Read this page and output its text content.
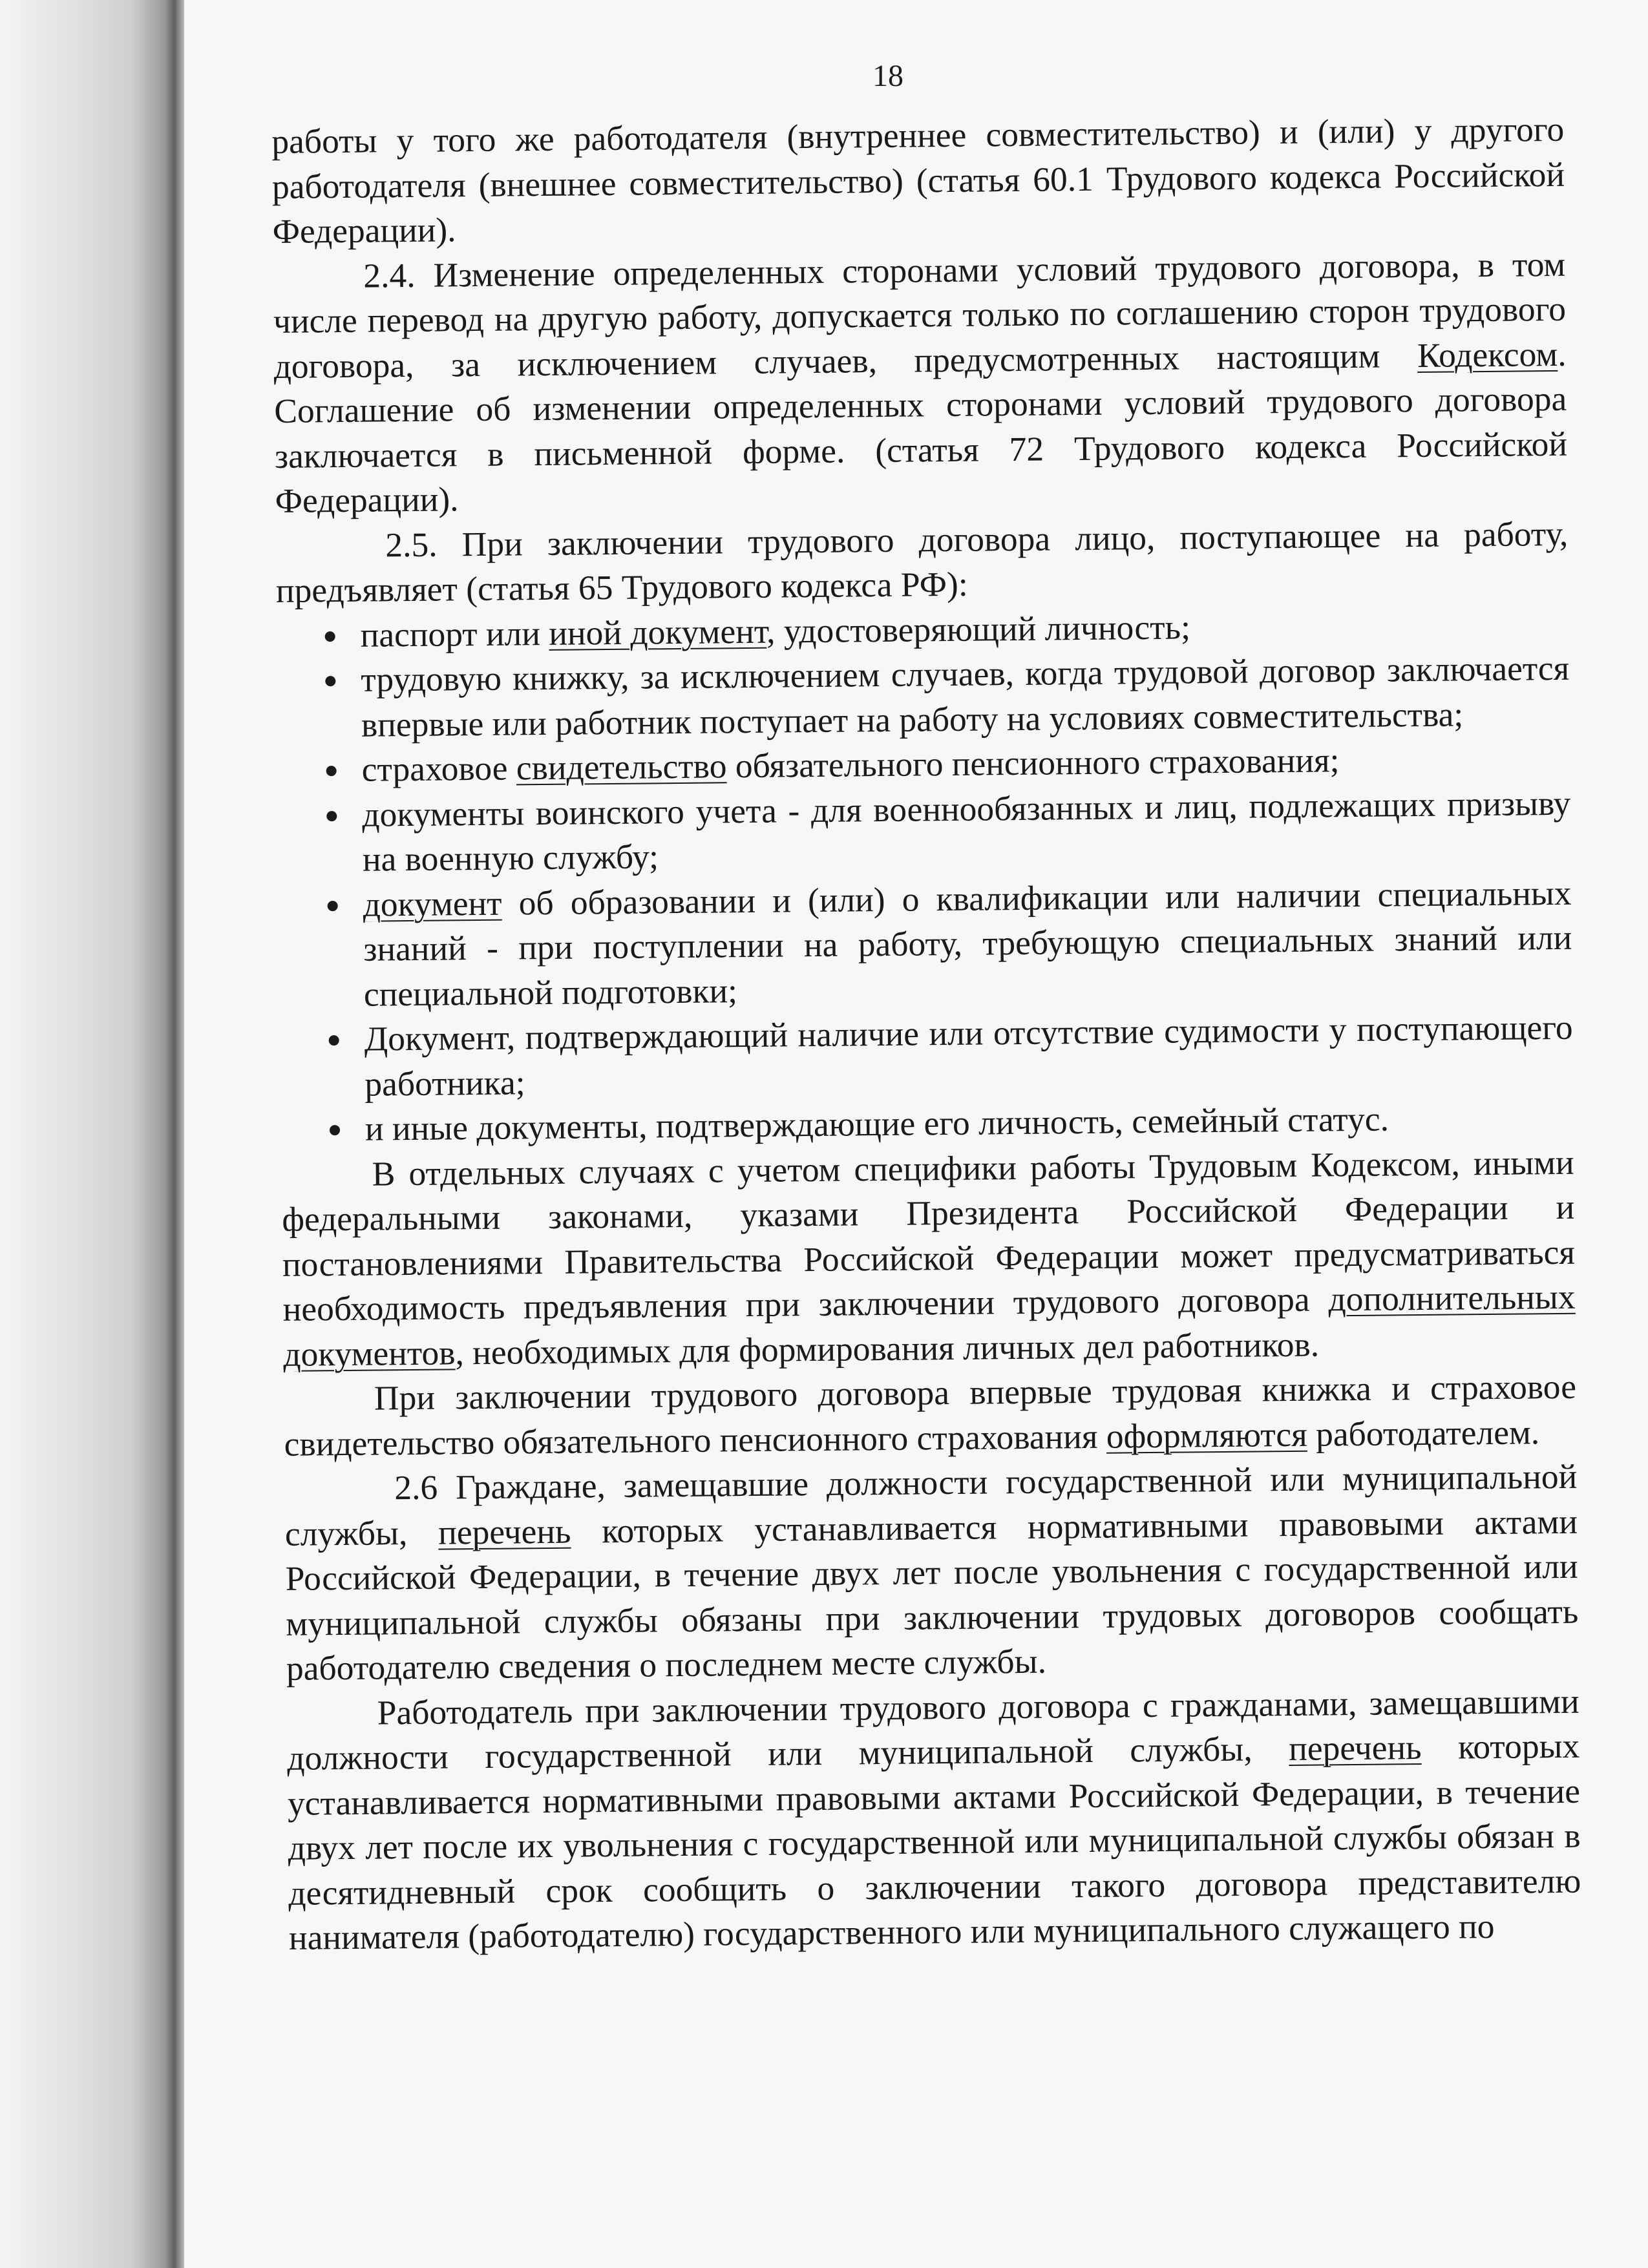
18

работы у того же работодателя (внутреннее совместительство) и (или) у другого работодателя (внешнее совместительство) (статья 60.1 Трудового кодекса Российской Федерации).

2.4. Изменение определенных сторонами условий трудового договора, в том числе перевод на другую работу, допускается только по соглашению сторон трудового договора, за исключением случаев, предусмотренных настоящим Кодексом. Соглашение об изменении определенных сторонами условий трудового договора заключается в письменной форме. (статья 72 Трудового кодекса Российской Федерации).

2.5. При заключении трудового договора лицо, поступающее на работу, предъявляет (статья 65 Трудового кодекса РФ):

паспорт или иной документ, удостоверяющий личность;
трудовую книжку, за исключением случаев, когда трудовой договор заключается впервые или работник поступает на работу на условиях совместительства;
страховое свидетельство обязательного пенсионного страхования;
документы воинского учета - для военнообязанных и лиц, подлежащих призыву на военную службу;
документ об образовании и (или) о квалификации или наличии специальных знаний - при поступлении на работу, требующую специальных знаний или специальной подготовки;
Документ, подтверждающий наличие или отсутствие судимости у поступающего работника;
и иные документы, подтверждающие его личность, семейный статус.

В отдельных случаях с учетом специфики работы Трудовым Кодексом, иными федеральными законами, указами Президента Российской Федерации и постановлениями Правительства Российской Федерации может предусматриваться необходимость предъявления при заключении трудового договора дополнительных документов, необходимых для формирования личных дел работников.

При заключении трудового договора впервые трудовая книжка и страховое свидетельство обязательного пенсионного страхования оформляются работодателем.

2.6 Граждане, замещавшие должности государственной или муниципальной службы, перечень которых устанавливается нормативными правовыми актами Российской Федерации, в течение двух лет после увольнения с государственной или муниципальной службы обязаны при заключении трудовых договоров сообщать работодателю сведения о последнем месте службы.

Работодатель при заключении трудового договора с гражданами, замещавшими должности государственной или муниципальной службы, перечень которых устанавливается нормативными правовыми актами Российской Федерации, в течение двух лет после их увольнения с государственной или муниципальной службы обязан в десятидневный срок сообщить о заключении такого договора представителю нанимателя (работодателю) государственного или муниципального служащего по
